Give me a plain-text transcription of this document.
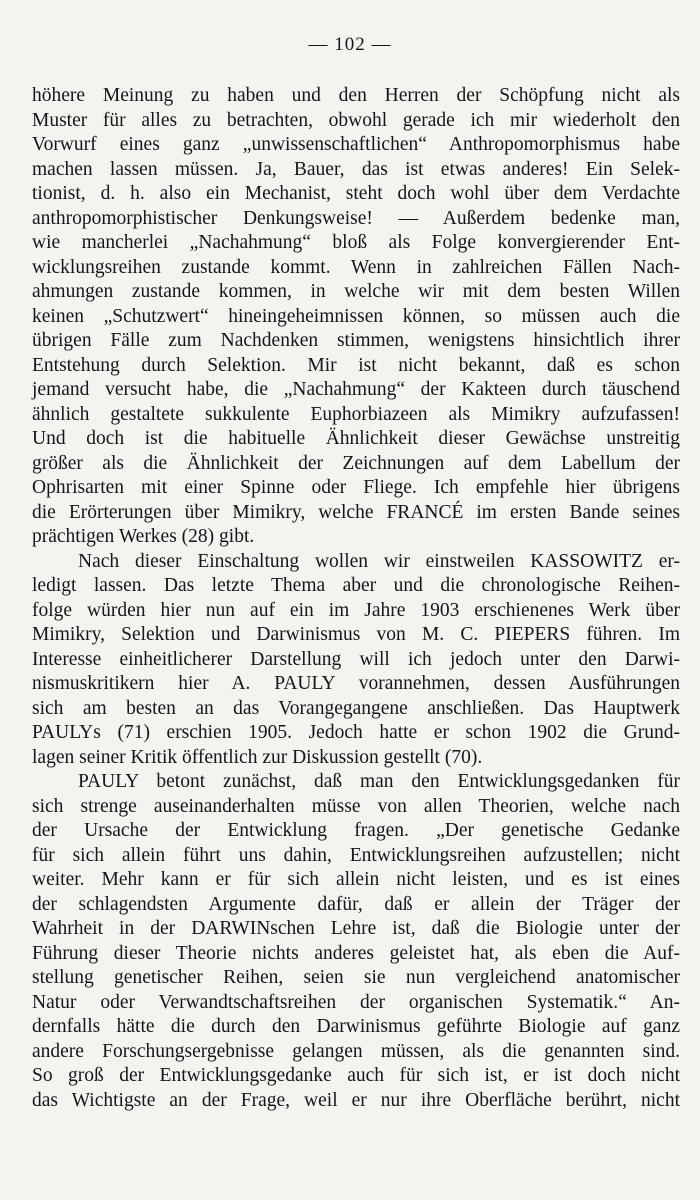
— 102 —
höhere Meinung zu haben und den Herren der Schöpfung nicht als
Muster für alles zu betrachten, obwohl gerade ich mir wiederholt den
Vorwurf eines ganz „unwissenschaftlichen“ Anthropomorphismus habe
machen lassen müssen. Ja, Bauer, das ist etwas anderes! Ein Selek-
tionist, d. h. also ein Mechanist, steht doch wohl über dem Verdachte
anthropomorphistischer Denkungsweise! — Außerdem bedenke man,
wie mancherlei „Nachahmung“ bloß als Folge konvergierender Ent-
wicklungsreihen zustande kommt. Wenn in zahlreichen Fällen Nach-
ahmungen zustande kommen, in welche wir mit dem besten Willen
keinen „Schutzwert“ hineingeheimnissen können, so müssen auch die
übrigen Fälle zum Nachdenken stimmen, wenigstens hinsichtlich ihrer
Entstehung durch Selektion. Mir ist nicht bekannt, daß es schon
jemand versucht habe, die „Nachahmung“ der Kakteen durch täuschend
ähnlich gestaltete sukkulente Euphorbiazeen als Mimikry aufzufassen!
Und doch ist die habituelle Ähnlichkeit dieser Gewächse unstreitig
größer als die Ähnlichkeit der Zeichnungen auf dem Labellum der
Ophrisarten mit einer Spinne oder Fliege. Ich empfehle hier übrigens
die Erörterungen über Mimikry, welche FRANCÉ im ersten Bande seines
prächtigen Werkes (28) gibt.
Nach dieser Einschaltung wollen wir einstweilen KASSOWITZ er-
ledigt lassen. Das letzte Thema aber und die chronologische Reihen-
folge würden hier nun auf ein im Jahre 1903 erschienenes Werk über
Mimikry, Selektion und Darwinismus von M. C. PIEPERS führen. Im
Interesse einheitlicherer Darstellung will ich jedoch unter den Darwi-
nismuskritikern hier A. PAULY vorannehmen, dessen Ausführungen
sich am besten an das Vorangegangene anschließen. Das Hauptwerk
PAULYs (71) erschien 1905. Jedoch hatte er schon 1902 die Grund-
lagen seiner Kritik öffentlich zur Diskussion gestellt (70).
PAULY betont zunächst, daß man den Entwicklungsgedanken für
sich strenge auseinanderhalten müsse von allen Theorien, welche nach
der Ursache der Entwicklung fragen. „Der genetische Gedanke
für sich allein führt uns dahin, Entwicklungsreihen aufzustellen; nicht
weiter. Mehr kann er für sich allein nicht leisten, und es ist eines
der schlagendsten Argumente dafür, daß er allein der Träger der
Wahrheit in der DARWINschen Lehre ist, daß die Biologie unter der
Führung dieser Theorie nichts anderes geleistet hat, als eben die Auf-
stellung genetischer Reihen, seien sie nun vergleichend anatomischer
Natur oder Verwandtschaftsreihen der organischen Systematik.“ An-
dernfalls hätte die durch den Darwinismus geführte Biologie auf ganz
andere Forschungsergebnisse gelangen müssen, als die genannten sind.
So groß der Entwicklungsgedanke auch für sich ist, er ist doch nicht
das Wichtigste an der Frage, weil er nur ihre Oberfläche berührt, nicht
